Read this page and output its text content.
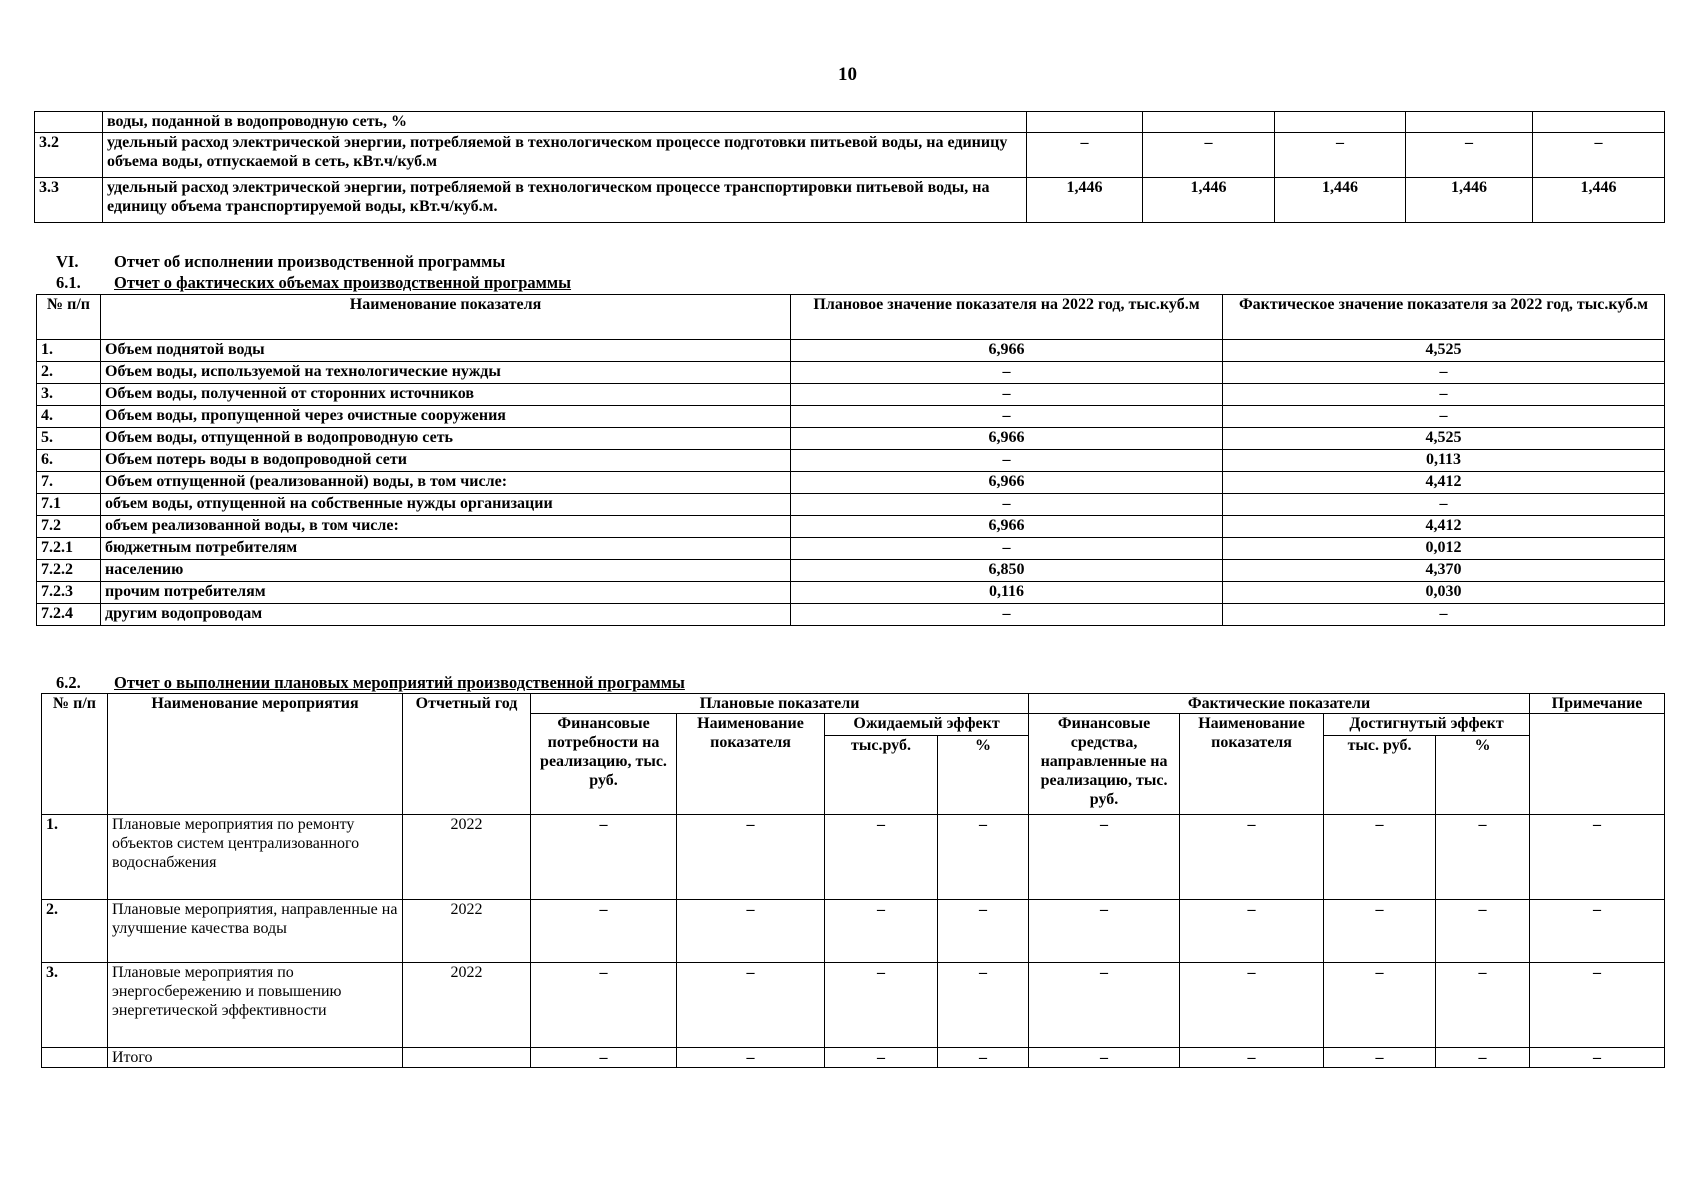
10
	воды, поданной в водопроводную сеть, %					
3.2	удельный расход электрической энергии, потребляемой в технологическом процессе подготовки питьевой воды, на единицу объема воды, отпускаемой в сеть, кВт.ч/куб.м	–	–	–	–	–
3.3	удельный расход электрической энергии, потребляемой в технологическом процессе транспортировки питьевой воды, на единицу объема транспортируемой воды, кВт.ч/куб.м.	1,446	1,446	1,446	1,446	1,446
VI. Отчет об исполнении производственной программы
6.1. Отчет о фактических объемах производственной программы
№ п/п	Наименование показателя	Плановое значение показателя на 2022 год, тыс.куб.м	Фактическое значение показателя за 2022 год, тыс.куб.м
1.	Объем поднятой воды	6,966	4,525
2.	Объем воды, используемой на технологические нужды	–	–
3.	Объем воды, полученной от сторонних источников	–	–
4.	Объем воды, пропущенной через очистные сооружения	–	–
5.	Объем воды, отпущенной в водопроводную сеть	6,966	4,525
6.	Объем потерь воды в водопроводной сети	–	0,113
7.	Объем отпущенной (реализованной) воды, в том числе:	6,966	4,412
7.1	объем воды, отпущенной на собственные нужды организации	–	–
7.2	объем реализованной воды, в том числе:	6,966	4,412
7.2.1	бюджетным потребителям	–	0,012
7.2.2	населению	6,850	4,370
7.2.3	прочим потребителям	0,116	0,030
7.2.4	другим водопроводам	–	–
6.2. Отчет о выполнении плановых мероприятий производственной программы
№ п/п	Наименование мероприятия	Отчетный год	Плановые показатели				Фактические показатели				Примечание
			Финансовые потребности на реализацию, тыс. руб.	Наименование показателя	Ожидаемый эффект		Финансовые средства, направленные на реализацию, тыс. руб.	Наименование показателя	Достигнутый эффект		
					тыс.руб.	%			тыс. руб.	%	
1.	Плановые мероприятия по ремонту объектов систем централизованного водоснабжения	2022	–	–	–	–	–	–	–	–	–
2.	Плановые мероприятия, направленные на улучшение качества воды	2022	–	–	–	–	–	–	–	–	–
3.	Плановые мероприятия по энергосбережению и повышению энергетической эффективности	2022	–	–	–	–	–	–	–	–	–
	Итого		–	–	–	–	–	–	–	–	–
